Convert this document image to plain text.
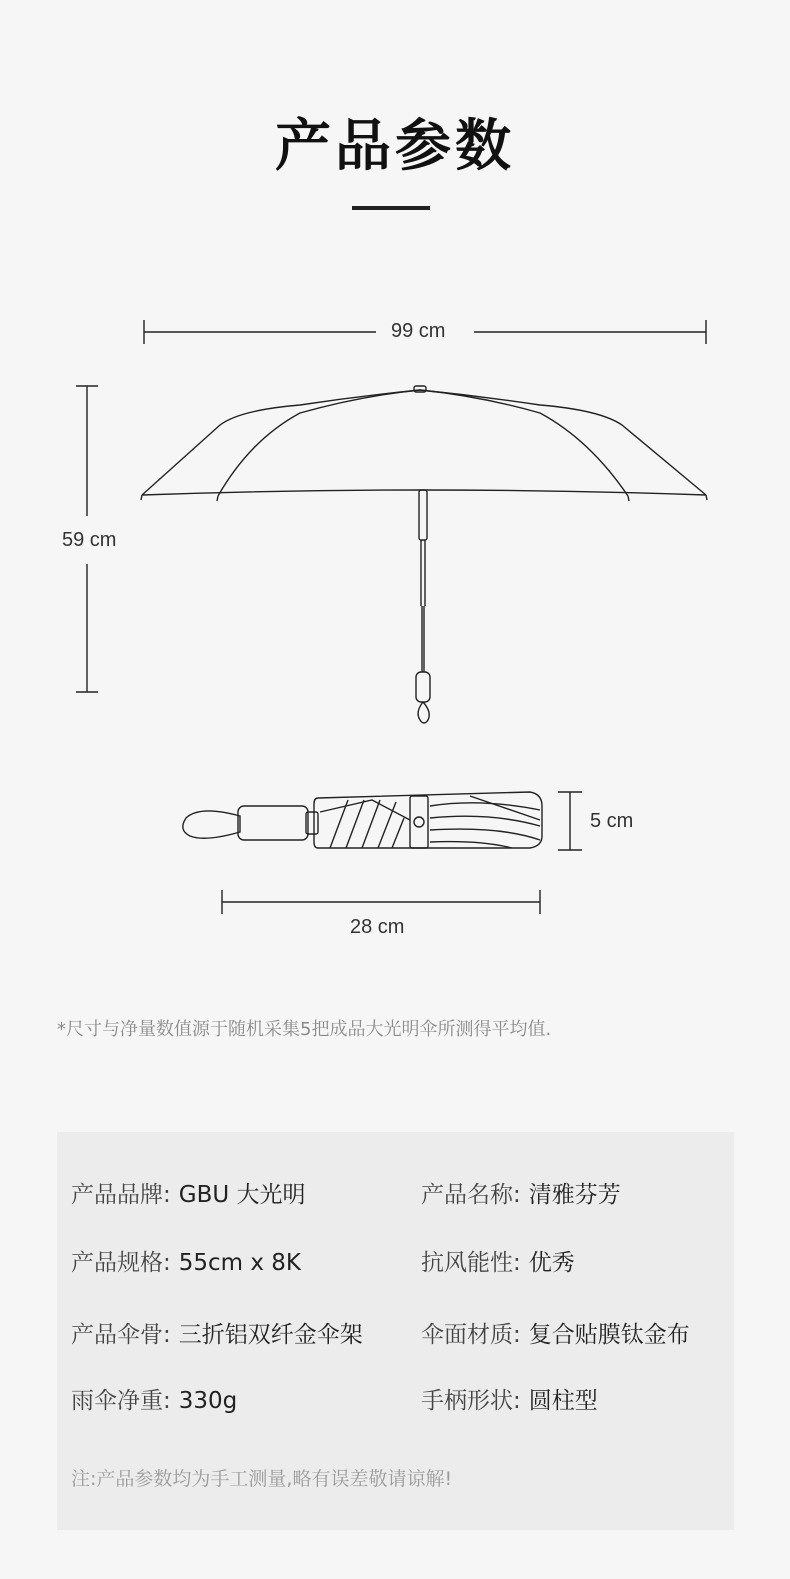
产品参数
99 cm
59 cm
5 cm
28 cm
*尺寸与净量数值源于随机采集5把成品大光明伞所测得平均值.
产品品牌: GBU 大光明	产品名称: 清雅芬芳
产品规格: 55cm x 8K	抗风能性: 优秀
产品伞骨: 三折铝双纤金伞架	伞面材质: 复合贴膜钛金布
雨伞净重: 330g	手柄形状: 圆柱型
注:产品参数均为手工测量,略有误差敬请谅解!
